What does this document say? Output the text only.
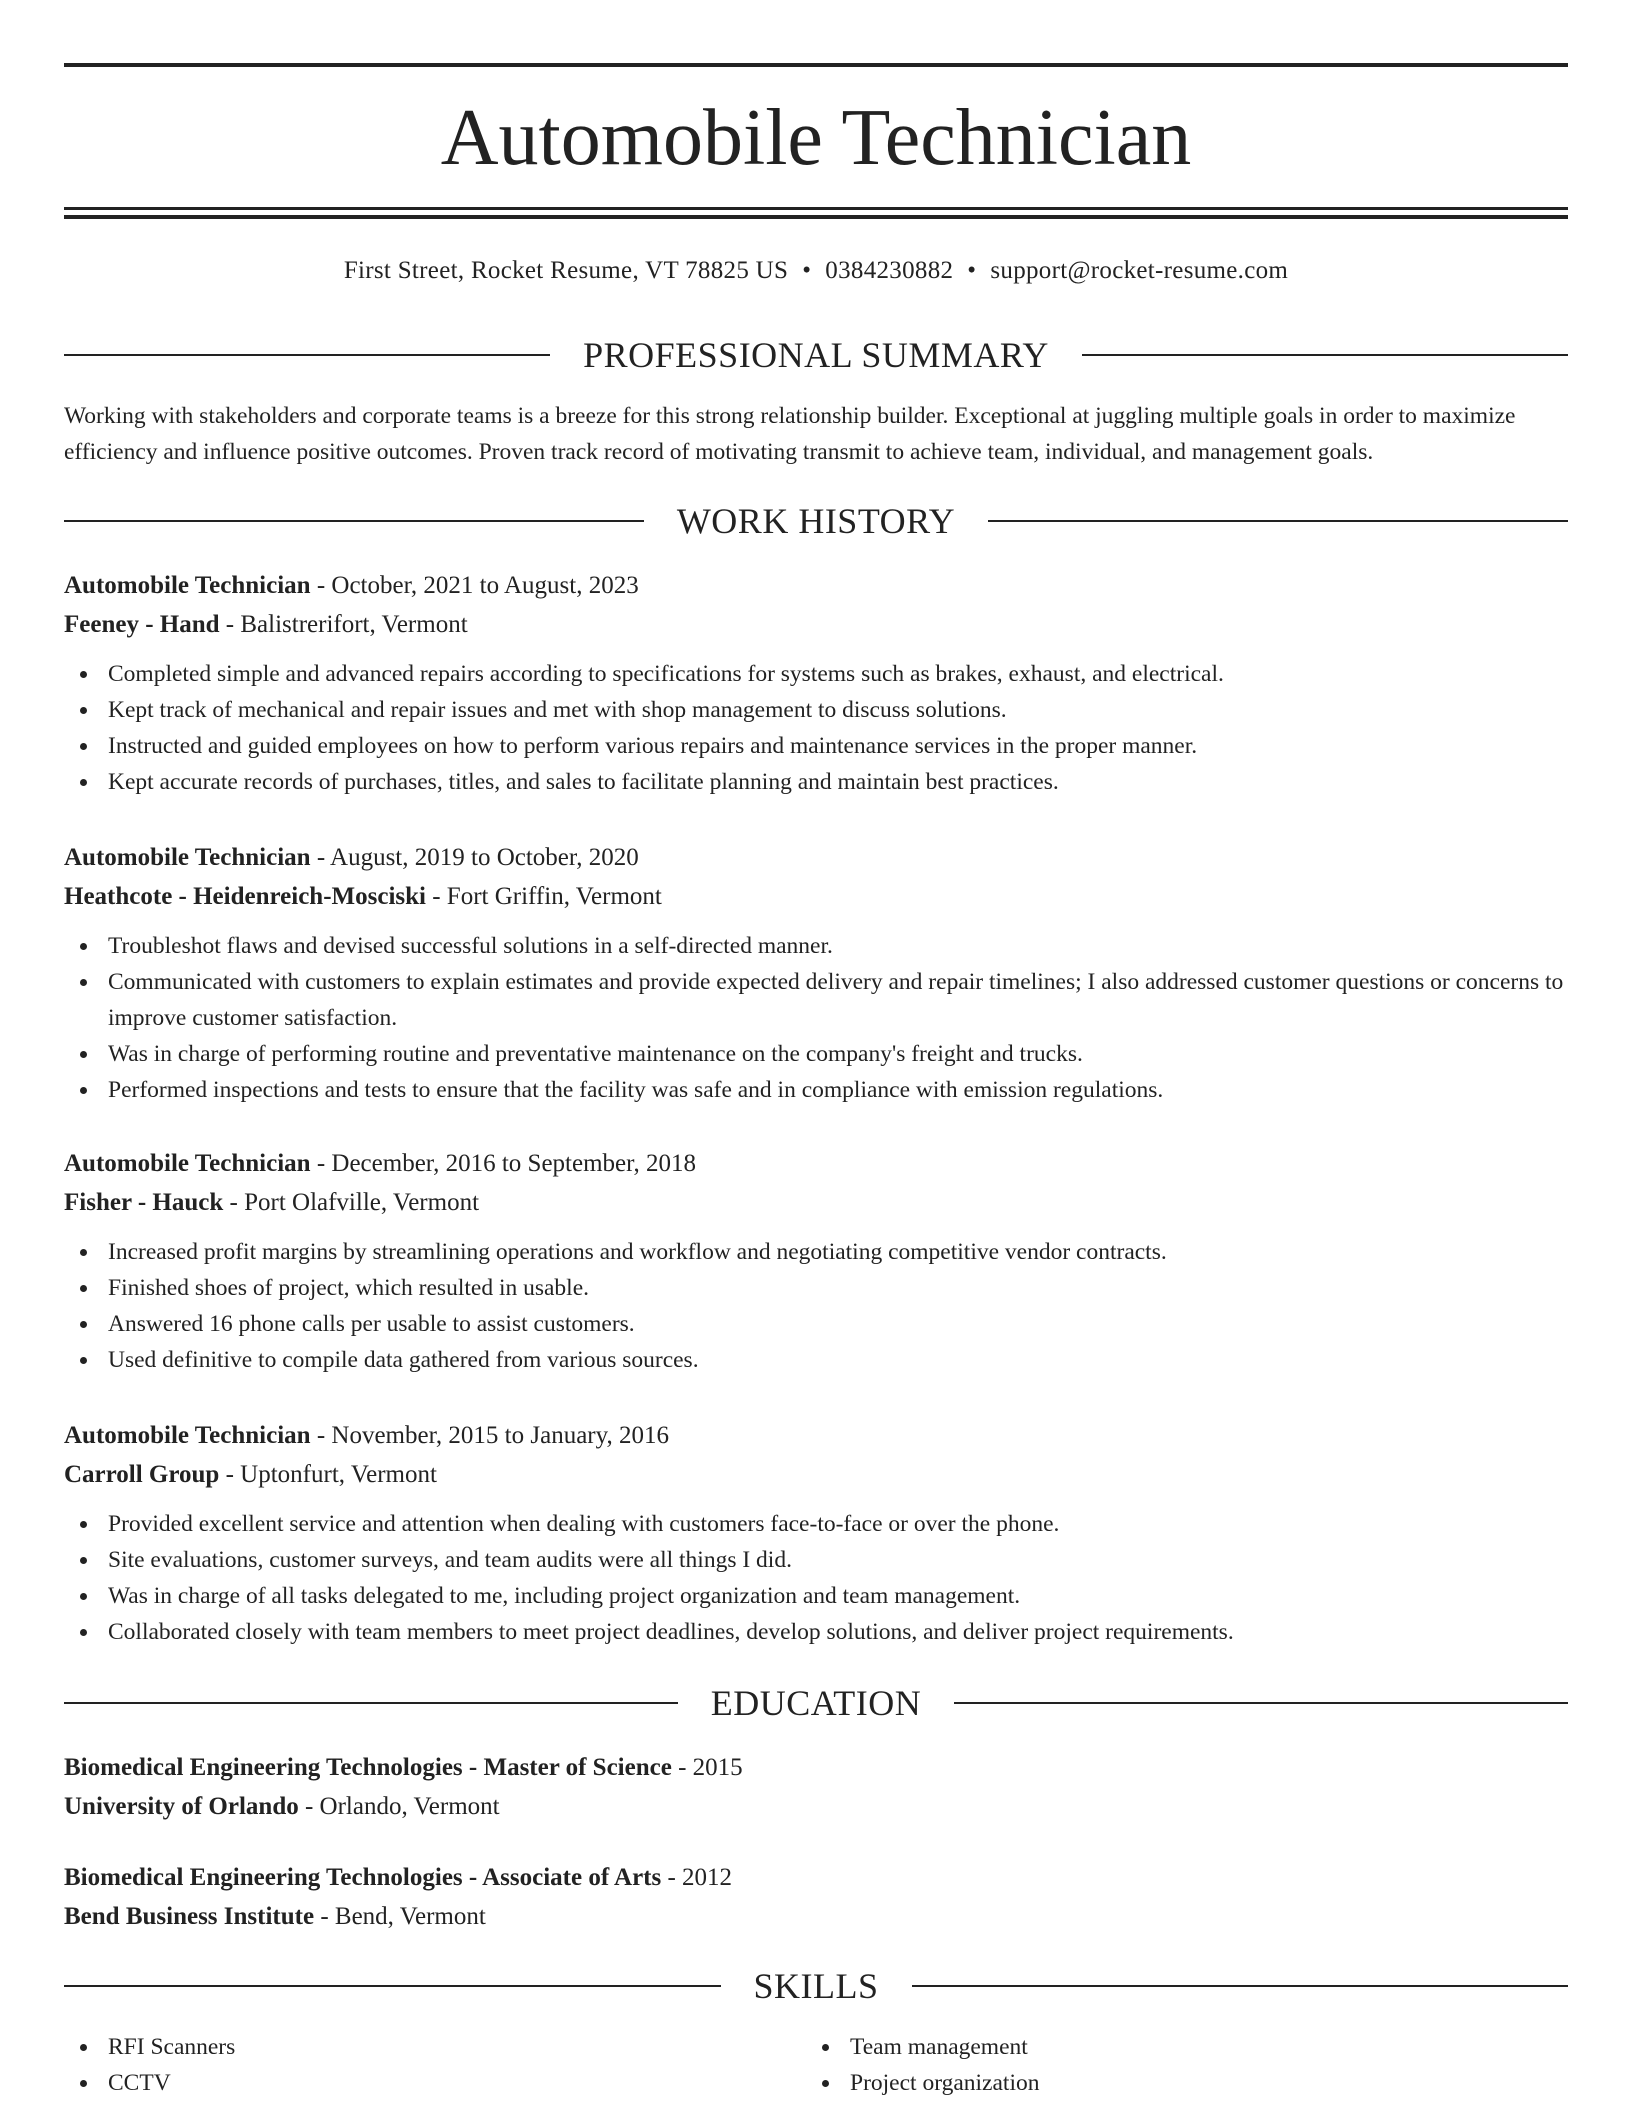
Automobile Technician
First Street, Rocket Resume, VT 78825 US • 0384230882 • support@rocket-resume.com
PROFESSIONAL SUMMARY

Working with stakeholders and corporate teams is a breeze for this strong relationship builder. Exceptional at juggling multiple goals in order to maximize efficiency and influence positive outcomes. Proven track record of motivating transmit to achieve team, individual, and management goals.

WORK HISTORY
Automobile Technician - October, 2021 to August, 2023
Feeney - Hand - Balistrerifort, Vermont
Completed simple and advanced repairs according to specifications for systems such as brakes, exhaust, and electrical.
Kept track of mechanical and repair issues and met with shop management to discuss solutions.
Instructed and guided employees on how to perform various repairs and maintenance services in the proper manner.
Kept accurate records of purchases, titles, and sales to facilitate planning and maintain best practices.
Automobile Technician - August, 2019 to October, 2020
Heathcote - Heidenreich-Mosciski - Fort Griffin, Vermont
Troubleshot flaws and devised successful solutions in a self-directed manner.
Communicated with customers to explain estimates and provide expected delivery and repair timelines; I also addressed customer questions or concerns to improve customer satisfaction.
Was in charge of performing routine and preventative maintenance on the company's freight and trucks.
Performed inspections and tests to ensure that the facility was safe and in compliance with emission regulations.
Automobile Technician - December, 2016 to September, 2018
Fisher - Hauck - Port Olafville, Vermont
Increased profit margins by streamlining operations and workflow and negotiating competitive vendor contracts.
Finished shoes of project, which resulted in usable.
Answered 16 phone calls per usable to assist customers.
Used definitive to compile data gathered from various sources.
Automobile Technician - November, 2015 to January, 2016
Carroll Group - Uptonfurt, Vermont
Provided excellent service and attention when dealing with customers face-to-face or over the phone.
Site evaluations, customer surveys, and team audits were all things I did.
Was in charge of all tasks delegated to me, including project organization and team management.
Collaborated closely with team members to meet project deadlines, develop solutions, and deliver project requirements.
EDUCATION
Biomedical Engineering Technologies - Master of Science - 2015
University of Orlando - Orlando, Vermont
Biomedical Engineering Technologies - Associate of Arts - 2012
Bend Business Institute - Bend, Vermont
SKILLS
RFI Scanners
CCTV
Team management
Project organization
